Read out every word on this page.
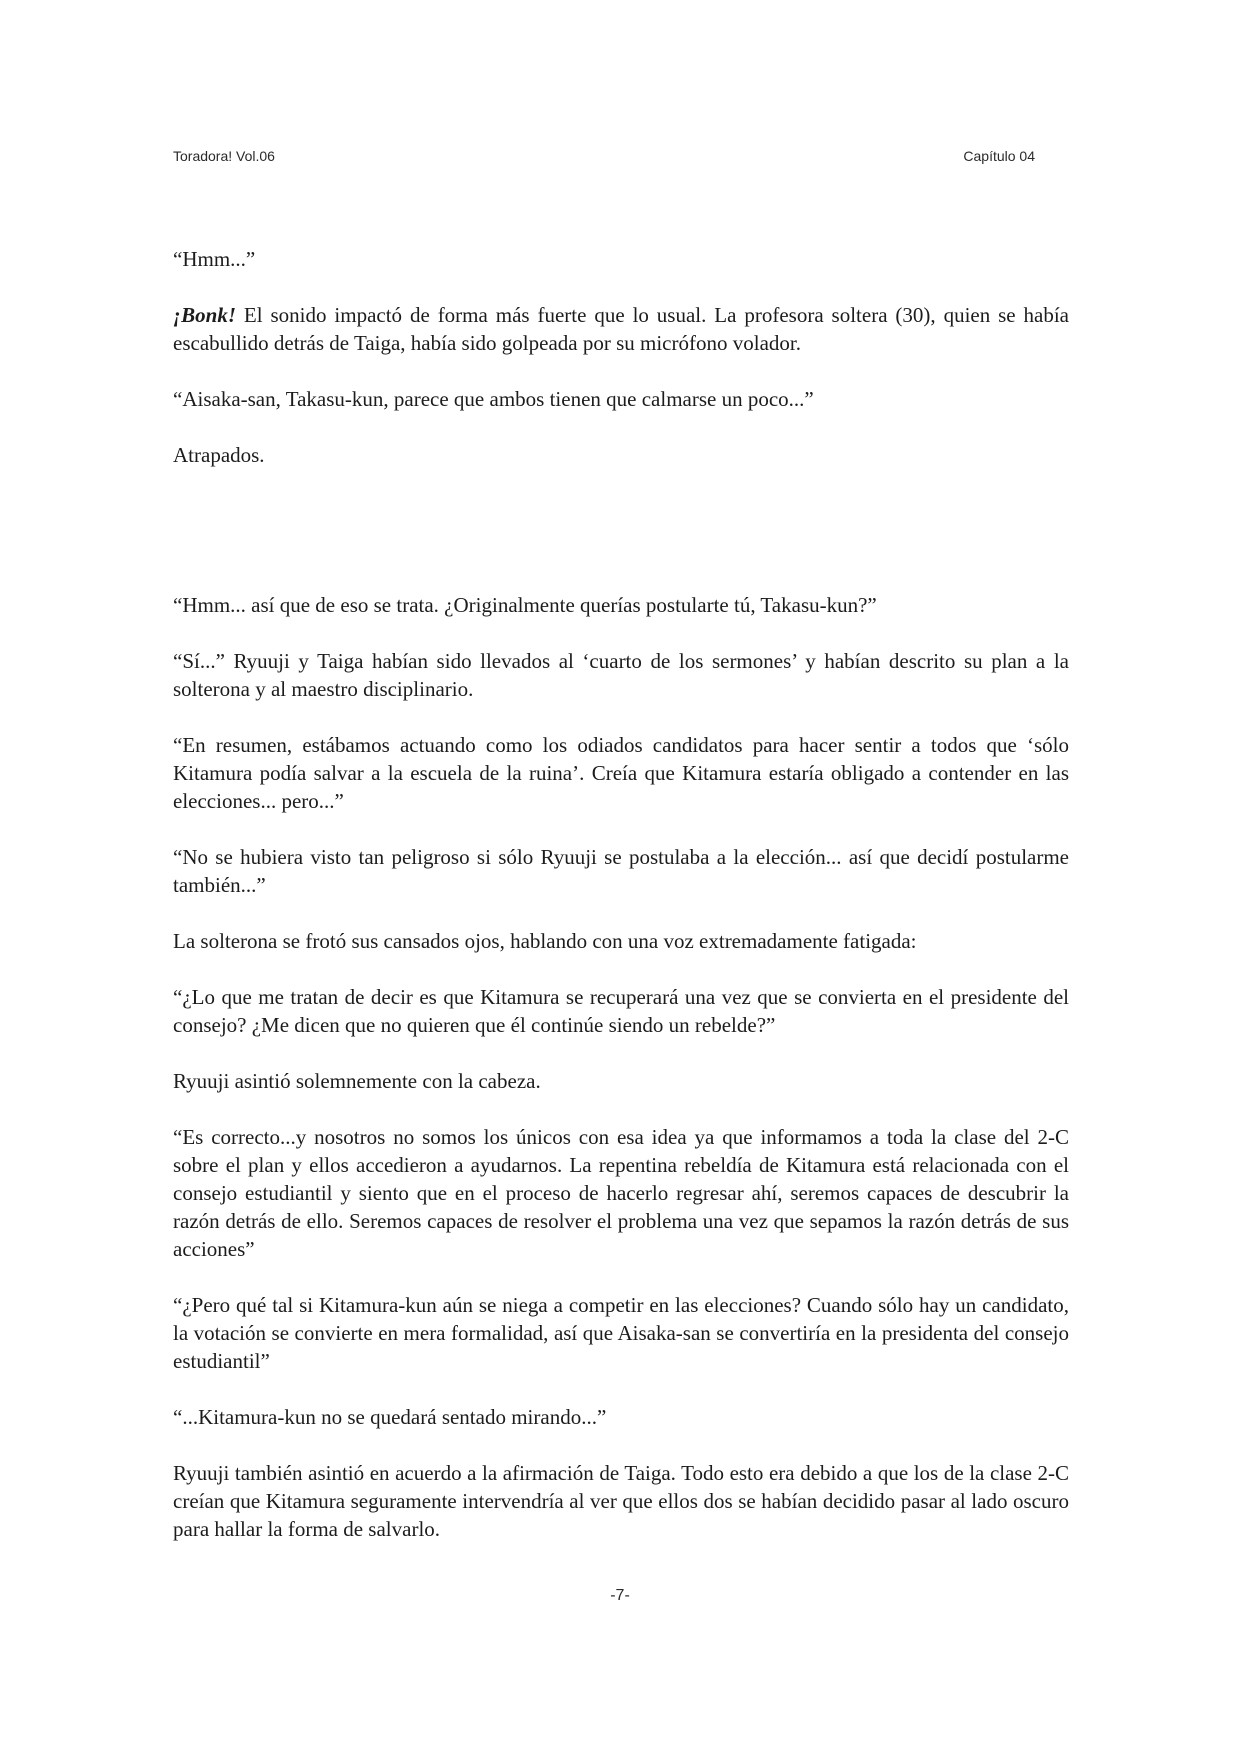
Toradora! Vol.06	Capítulo 04

“Hmm...”

¡Bonk! El sonido impactó de forma más fuerte que lo usual. La profesora soltera (30), quien se había escabullido detrás de Taiga, había sido golpeada por su micrófono volador.

“Aisaka-san, Takasu-kun, parece que ambos tienen que calmarse un poco...”

Atrapados.

“Hmm... así que de eso se trata. ¿Originalmente querías postularte tú, Takasu-kun?”

“Sí...” Ryuuji y Taiga habían sido llevados al ‘cuarto de los sermones’ y habían descrito su plan a la solterona y al maestro disciplinario.

“En resumen, estábamos actuando como los odiados candidatos para hacer sentir a todos que ‘sólo Kitamura podía salvar a la escuela de la ruina’. Creía que Kitamura estaría obligado a contender en las elecciones... pero...”

“No se hubiera visto tan peligroso si sólo Ryuuji se postulaba a la elección... así que decidí postularme también...”

La solterona se frotó sus cansados ojos, hablando con una voz extremadamente fatigada:

“¿Lo que me tratan de decir es que Kitamura se recuperará una vez que se convierta en el presidente del consejo? ¿Me dicen que no quieren que él continúe siendo un rebelde?”

Ryuuji asintió solemnemente con la cabeza.

“Es correcto...y nosotros no somos los únicos con esa idea ya que informamos a toda la clase del 2-C sobre el plan y ellos accedieron a ayudarnos. La repentina rebeldía de Kitamura está relacionada con el consejo estudiantil y siento que en el proceso de hacerlo regresar ahí, seremos capaces de descubrir la razón detrás de ello. Seremos capaces de resolver el problema una vez que sepamos la razón detrás de sus acciones”

“¿Pero qué tal si Kitamura-kun aún se niega a competir en las elecciones? Cuando sólo hay un candidato, la votación se convierte en mera formalidad, así que Aisaka-san se convertiría en la presidenta del consejo estudiantil”

“...Kitamura-kun no se quedará sentado mirando...”

Ryuuji también asintió en acuerdo a la afirmación de Taiga. Todo esto era debido a que los de la clase 2-C creían que Kitamura seguramente intervendría al ver que ellos dos se habían decidido pasar al lado oscuro para hallar la forma de salvarlo.

-7-
